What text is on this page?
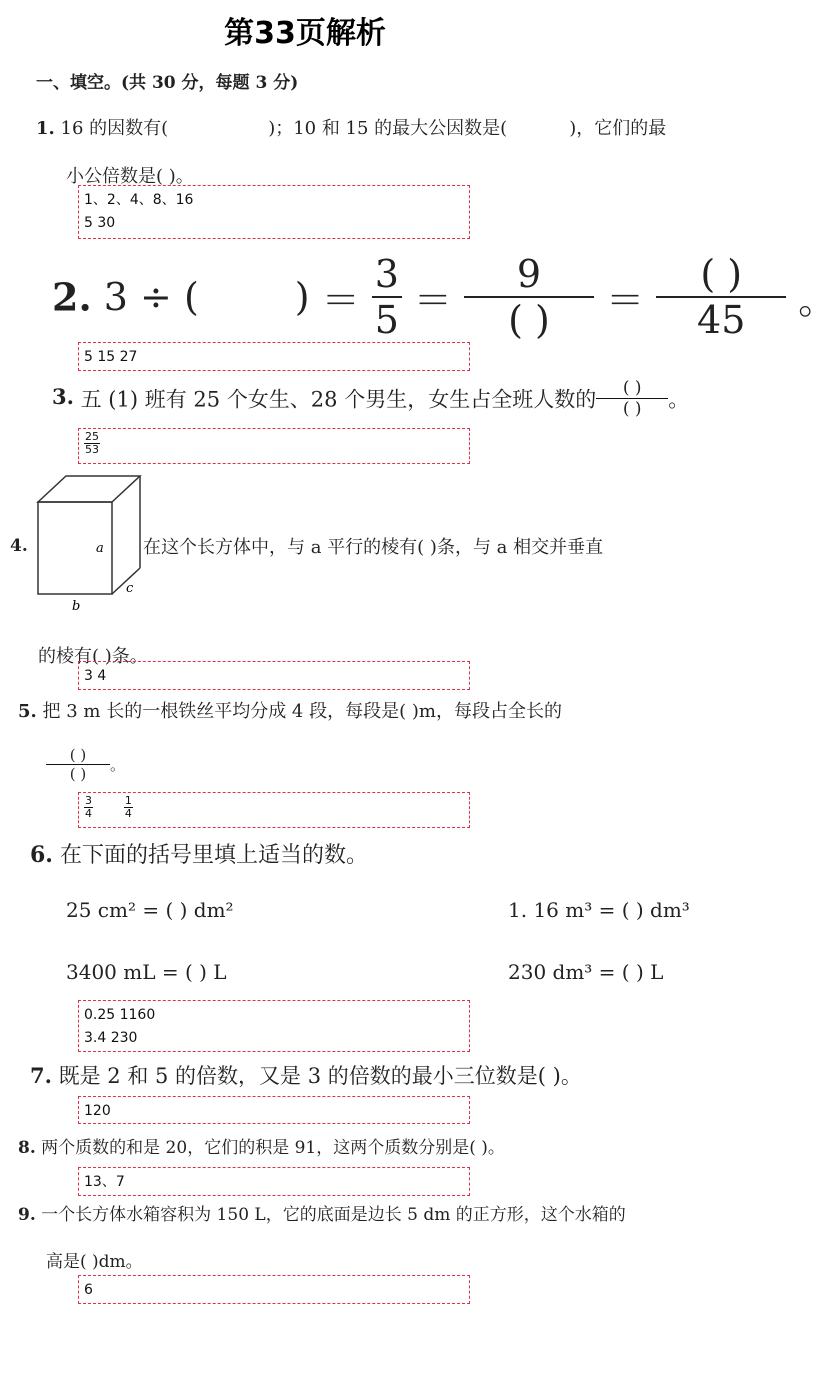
第33页解析
一、填空。(共 30 分，每题 3 分)
1. 16 的因数有(	)；10 和 15 的最大公因数是(	)，它们的最
小公倍数是( )。
1、2、4、8、16
5 30
2. 3 ÷ (	) ＝ $\frac{3}{5}$ ＝
9
( )	＝
( )
45	。
5 15 27
3. 五 (1) 班有 25 个女生、28 个男生，女生占全班人数的 $\frac{( )}{( )}$ 。
$\frac{25}{53}$
4.	a
b
c
在这个长方体中，与 a 平行的棱有( )条，与 a 相交并垂直
的棱有( )条。
3 4
5. 把 3 m 长的一根铁丝平均分成 4 段，每段是( )m，每段占全长的
$\frac{( )}{( )}$ 。
$\frac{3}{4}$
	$\frac{1}{4}$
6. 在下面的括号里填上适当的数。
25 cm² = ( ) dm²	1. 16 m³ = ( ) dm³
3400 mL = ( ) L	230 dm³ = ( ) L
0.25 1160
3.4 230
7. 既是 2 和 5 的倍数，又是 3 的倍数的最小三位数是( )。
120
8. 两个质数的和是 20，它们的积是 91，这两个质数分别是( )。
13、7
9. 一个长方体水箱容积为 150 L，它的底面是边长 5 dm 的正方形，这个水箱的
高是( )dm。
6
